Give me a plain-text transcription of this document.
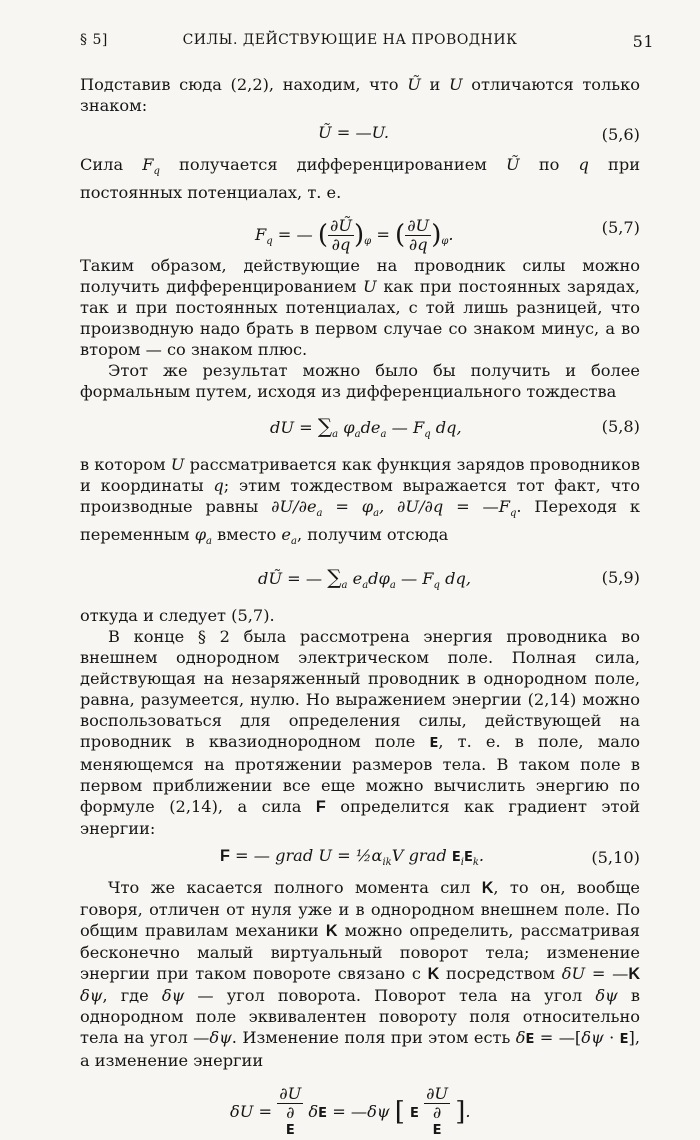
§ 5]	СИЛЫ. ДЕЙСТВУЮЩИЕ НА ПРОВОДНИК	51

Подставив сюда (2,2), находим, что Ũ и U отличаются только знаком:

Ũ = —U.	(5,6)

Сила $F_q$ получается дифференцированием Ũ по q при постоянных потенциалах, т. е.

$F_q$ = — ( $\frac{\partial Ũ}{\partial q} )_\varphi$ = ( $\frac{\partial U}{\partial q} )_\varphi$.	(5,7)

Таким образом, действующие на проводник силы можно получить дифференцированием U как при постоянных зарядах, так и при постоянных потенциалах, с той лишь разницей, что производную надо брать в первом случае со знаком минус, а во втором — со знаком плюс.

Этот же результат можно было бы получить и более формальным путем, исходя из дифференциального тождества

dU = $\sum_a$ $\varphi_ade_a$ — $F_q$ dq,	(5,8)

в котором U рассматривается как функция зарядов проводников и координаты q; этим тождеством выражается тот факт, что производные равны $\partial U/\partial e_a = \varphi_a$, $\partial U/\partial q = —F_q$. Переходя к переменным $\varphi_a$ вместо $e_a$, получим отсюда

dŨ = — $\sum_a$ $e_ad\varphi_a$ — $F_q$ dq,	(5,9)

откуда и следует (5,7).

В конце § 2 была рассмотрена энергия проводника во внешнем однородном электрическом поле. Полная сила, действующая на незаряженный проводник в однородном поле, равна, разумеется, нулю. Но выражением энергии (2,14) можно воспользоваться для определения силы, действующей на проводник в квазиоднородном поле E, т. е. в поле, мало меняющемся на протяжении размеров тела. В таком поле в первом приближении все еще можно вычислить энергию по формуле (2,14), а сила F определится как градиент этой энергии:

F = — grad $U = \frac{1}{2}\alpha_{ik}V$ grad $E_iE_k$.	(5,10)

Что же касается полного момента сил K, то он, вообще говоря, отличен от нуля уже и в однородном внешнем поле. По общим правилам механики K можно определить, рассматривая бесконечно малый виртуальный поворот тела; изменение энергии при таком повороте связано с K посредством δU = —K δψ, где δψ — угол поворота. Поворот тела на угол δψ в однородном поле эквивалентен повороту поля относительно тела на угол —δψ. Изменение поля при этом есть δE = —[δψ · E], а изменение энергии

δU = ∂U
∂
E δE = —δψ [ E ∂U
∂
E ].
